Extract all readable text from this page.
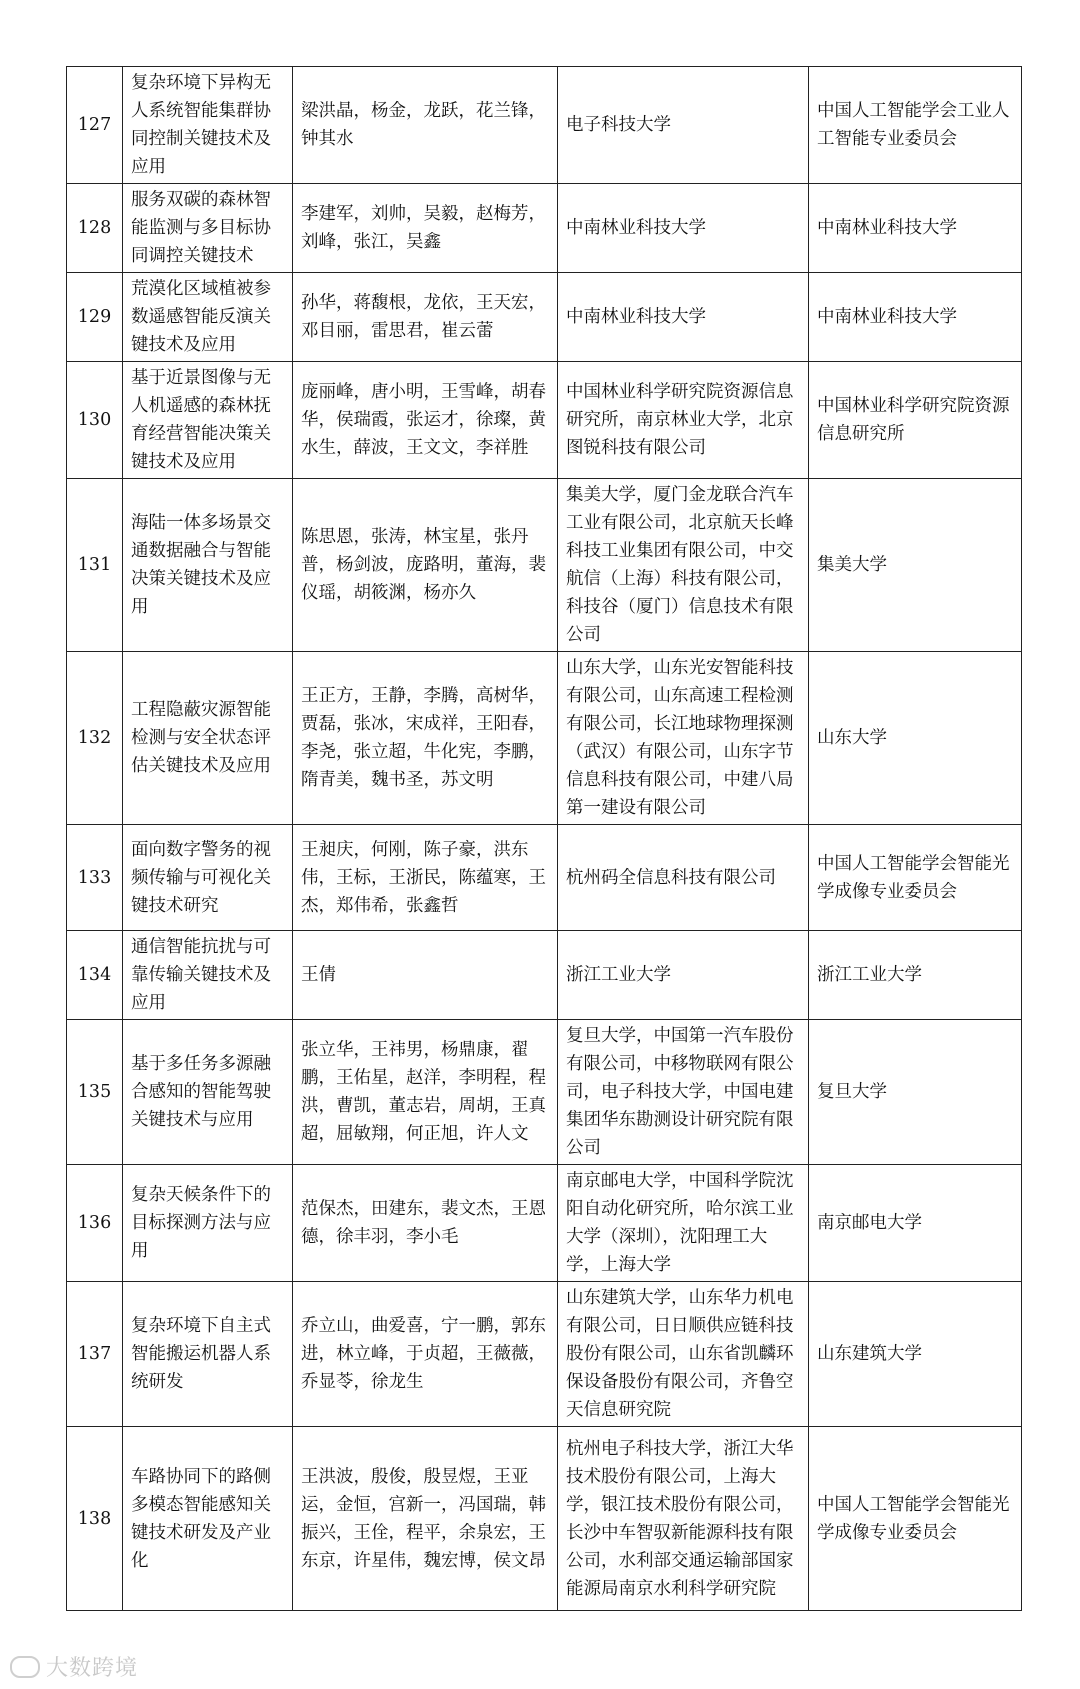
127	复杂环境下异构无人系统智能集群协同控制关键技术及应用	梁洪晶，杨金，龙跃，花兰锋，钟其水	电子科技大学	中国人工智能学会工业人工智能专业委员会
128	服务双碳的森林智能监测与多目标协同调控关键技术	李建军，刘帅，吴毅，赵梅芳，刘峰，张江，吴鑫	中南林业科技大学	中南林业科技大学
129	荒漠化区域植被参数遥感智能反演关键技术及应用	孙华，蒋馥根，龙依，王天宏，邓目丽，雷思君，崔云蕾	中南林业科技大学	中南林业科技大学
130	基于近景图像与无人机遥感的森林抚育经营智能决策关键技术及应用	庞丽峰，唐小明，王雪峰，胡春华，侯瑞霞，张运才，徐璨，黄水生，薛波，王文文，李祥胜	中国林业科学研究院资源信息研究所，南京林业大学，北京图锐科技有限公司	中国林业科学研究院资源信息研究所
131	海陆一体多场景交通数据融合与智能决策关键技术及应用	陈思恩，张涛，林宝星，张丹普，杨剑波，庞路明，董海，裴仪瑶，胡筱渊，杨亦久	集美大学，厦门金龙联合汽车工业有限公司，北京航天长峰科技工业集团有限公司，中交航信（上海）科技有限公司，科技谷（厦门）信息技术有限公司	集美大学
132	工程隐蔽灾源智能检测与安全状态评估关键技术及应用	王正方，王静，李腾，高树华，贾磊，张冰，宋成祥，王阳春，李尧，张立超，牛化宪，李鹏，隋青美，魏书圣，苏文明	山东大学，山东光安智能科技有限公司，山东高速工程检测有限公司，长江地球物理探测（武汉）有限公司，山东字节信息科技有限公司，中建八局第一建设有限公司	山东大学
133	面向数字警务的视频传输与可视化关键技术研究	王昶庆，何刚，陈子豪，洪东伟，王标，王浙民，陈蕴寒，王杰，郑伟希，张鑫哲	杭州码全信息科技有限公司	中国人工智能学会智能光学成像专业委员会
134	通信智能抗扰与可靠传输关键技术及应用	王倩	浙江工业大学	浙江工业大学
135	基于多任务多源融合感知的智能驾驶关键技术与应用	张立华，王祎男，杨鼎康，翟鹏，王佑星，赵洋，李明程，程洪，曹凯，董志岩，周胡，王真超，屈敏翔，何正旭，许人文	复旦大学，中国第一汽车股份有限公司，中移物联网有限公司，电子科技大学，中国电建集团华东勘测设计研究院有限公司	复旦大学
136	复杂天候条件下的目标探测方法与应用	范保杰，田建东，裴文杰，王恩德，徐丰羽，李小毛	南京邮电大学，中国科学院沈阳自动化研究所，哈尔滨工业大学（深圳），沈阳理工大学，上海大学	南京邮电大学
137	复杂环境下自主式智能搬运机器人系统研发	乔立山，曲爱喜，宁一鹏，郭东进，林立峰，于贞超，王薇薇，乔显苓，徐龙生	山东建筑大学，山东华力机电有限公司，日日顺供应链科技股份有限公司，山东省凯麟环保设备股份有限公司，齐鲁空天信息研究院	山东建筑大学
138	车路协同下的路侧多模态智能感知关键技术研发及产业化	王洪波，殷俊，殷昱煜，王亚运，金恒，宫新一，冯国瑞，韩振兴，王佺，程平，余泉宏，王东京，许星伟，魏宏博，侯文昂	杭州电子科技大学，浙江大华技术股份有限公司，上海大学，银江技术股份有限公司，长沙中车智驭新能源科技有限公司，水利部交通运输部国家能源局南京水利科学研究院	中国人工智能学会智能光学成像专业委员会
大数跨境
